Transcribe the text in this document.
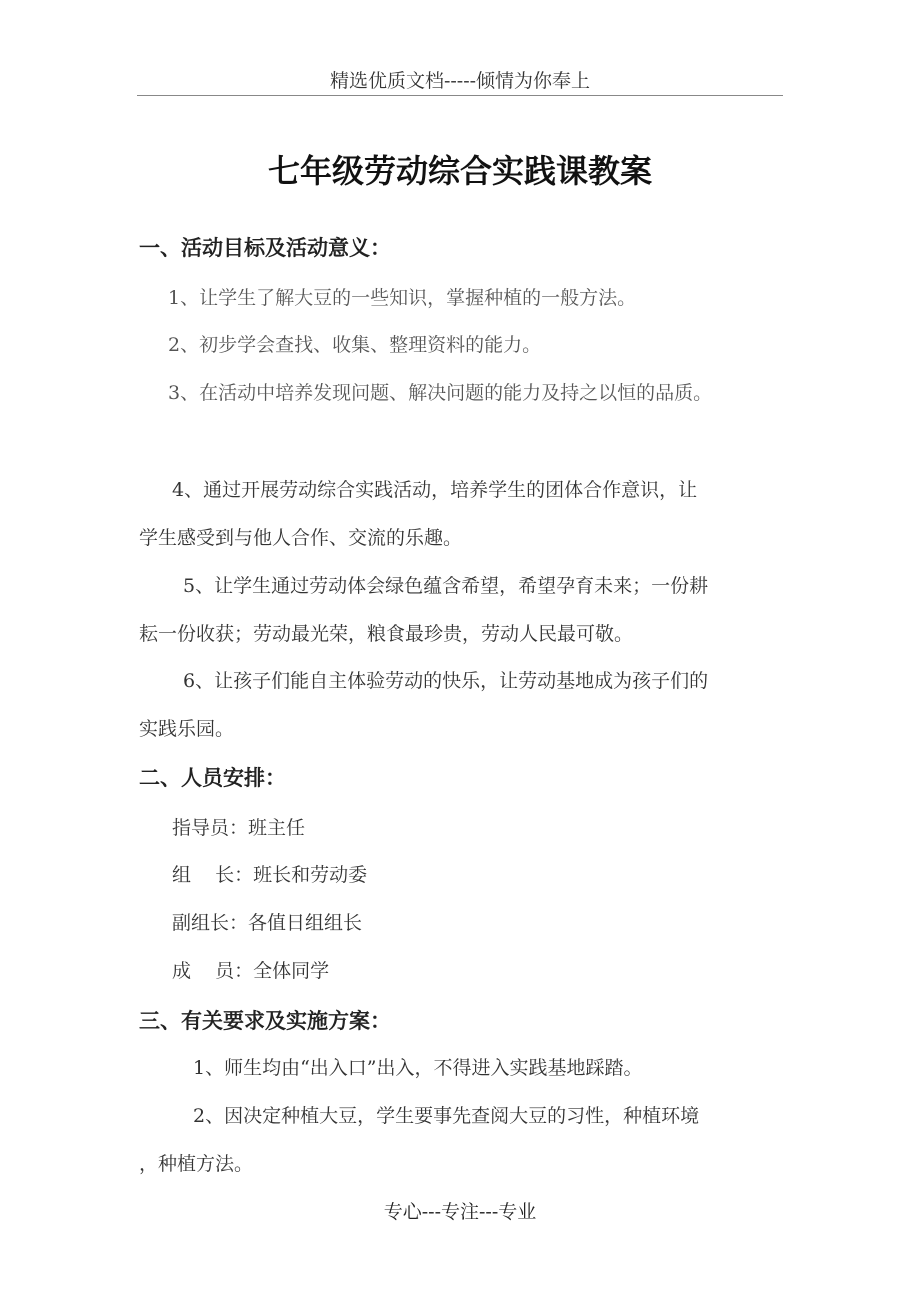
精选优质文档-----倾情为你奉上
七年级劳动综合实践课教案
一、活动目标及活动意义：
1、让学生了解大豆的一些知识，掌握种植的一般方法。
2、初步学会查找、收集、整理资料的能力。
3、在活动中培养发现问题、解决问题的能力及持之以恒的品质。
4、通过开展劳动综合实践活动，培养学生的团体合作意识，让
学生感受到与他人合作、交流的乐趣。
5、让学生通过劳动体会绿色蕴含希望，希望孕育未来；一份耕
耘一份收获；劳动最光荣，粮食最珍贵，劳动人民最可敬。
6、让孩子们能自主体验劳动的快乐，让劳动基地成为孩子们的
实践乐园。
二、人员安排：
指导员：班主任
组    长：班长和劳动委
副组长：各值日组组长
成    员：全体同学
三、有关要求及实施方案：
1、师生均由“出入口”出入，不得进入实践基地踩踏。
2、因决定种植大豆，学生要事先查阅大豆的习性，种植环境
，种植方法。
专心---专注---专业
